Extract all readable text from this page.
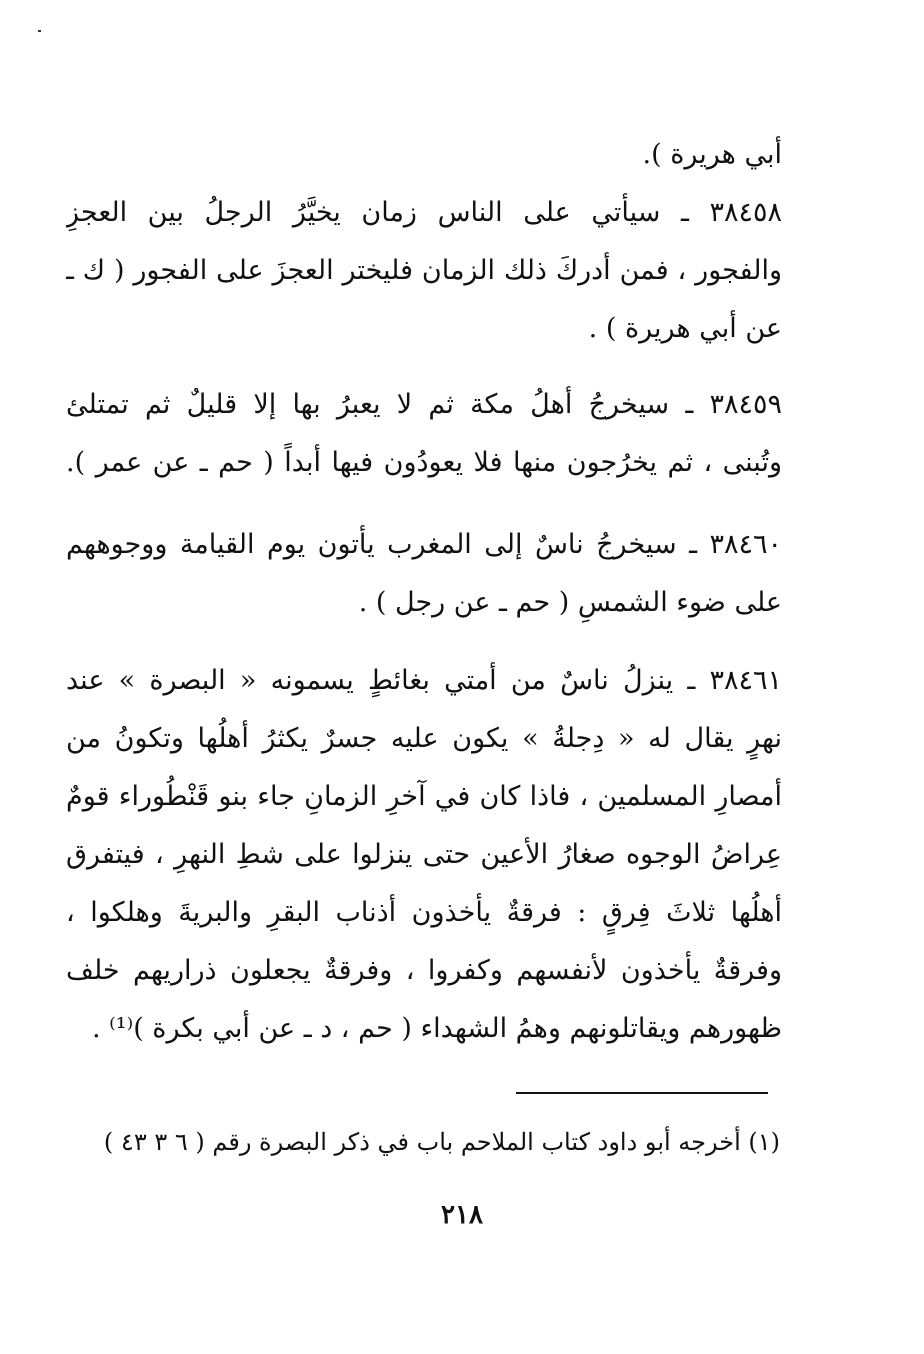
أبي هريرة ).
٣٨٤٥٨ ـ سيأتي على الناس زمان يخيَّرُ الرجلُ بين العجزِ
والفجور ، فمن أدركَ ذلك الزمان فليختر العجزَ على الفجور ( ك ـ
عن أبي هريرة ) .
٣٨٤٥٩ ـ سيخرجُ أهلُ مكة ثم لا يعبرُ بها إلا قليلٌ ثم تمتلئ
وتُبنى ، ثم يخرُجون منها فلا يعودُون فيها أبداً ( حم ـ عن عمر ).
٣٨٤٦٠ ـ سيخرجُ ناسٌ إلى المغرب يأتون يوم القيامة ووجوههم
على ضوء الشمسِ ( حم ـ عن رجل ) .
٣٨٤٦١ ـ ينزلُ ناسٌ من أمتي بغائطٍ يسمونه « البصرة » عند
نهرٍ يقال له « دِجلةُ » يكون عليه جسرٌ يكثرُ أهلُها وتكونُ من
أمصارِ المسلمين ، فاذا كان في آخرِ الزمانِ جاء بنو قَنْطُوراء قومٌ
عِراضُ الوجوه صغارُ الأعين حتى ينزلوا على شطِ النهرِ ، فيتفرق
أهلُها ثلاثَ فِرقٍ : فرقةٌ يأخذون أذناب البقرِ والبريةَ وهلكوا ،
وفرقةٌ يأخذون لأنفسهم وكفروا ، وفرقةٌ يجعلون ذراريهم خلف
ظهورهم ويقاتلونهم وهمُ الشهداء ( حم ، د ـ عن أبي بكرة )⁽¹⁾ .

(١) أخرجه أبو داود كتاب الملاحم باب في ذكر البصرة رقم ( ٦ ٣ ٤٣ )

٢١٨
